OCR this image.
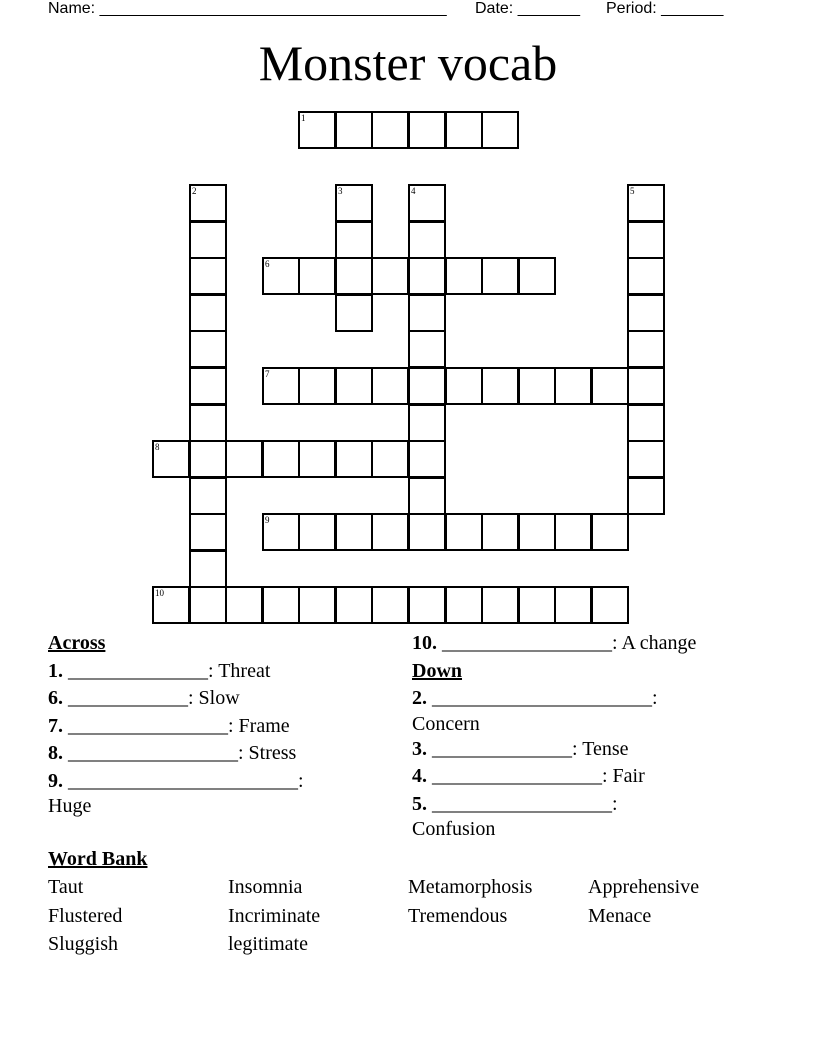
Name: _______________________________________ Date: _______ Period: _______
Monster vocab
1
2	3	4	5
6
7
8
9
10
Across
1. ______________: Threat
6. ____________: Slow
7. ________________: Frame
8. _________________: Stress
9. _______________________:
Huge
10. _________________: A change
Down
2. ______________________:
Concern
3. ______________: Tense
4. _________________: Fair
5. __________________:
Confusion
Word Bank
Taut	Insomnia	Metamorphosis	Apprehensive
Flustered	Incriminate	Tremendous	Menace
Sluggish	legitimate
